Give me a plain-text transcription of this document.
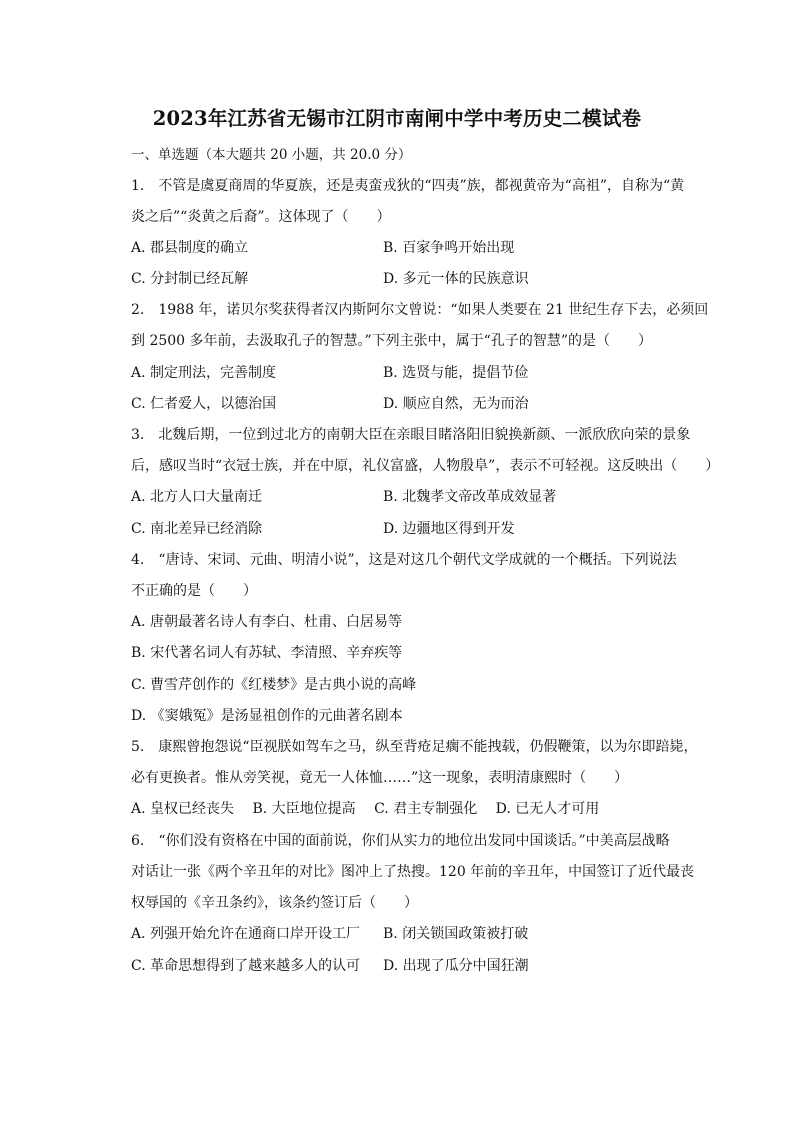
2023年江苏省无锡市江阴市南闸中学中考历史二模试卷
一、单选题（本大题共 20 小题，共 20.0 分）
1.　不管是虞夏商周的华夏族，还是夷蛮戎狄的“四夷”族，都视黄帝为“高祖”，自称为“黄
炎之后”“炎黄之后裔”。这体现了（　　）
A. 郡县制度的确立	B. 百家争鸣开始出现
C. 分封制已经瓦解	D. 多元一体的民族意识
2.　1988 年，诺贝尔奖获得者汉内斯阿尔文曾说：“如果人类要在 21 世纪生存下去，必须回
到 2500 多年前，去汲取孔子的智慧。”下列主张中，属于“孔子的智慧”的是（　　）
A. 制定刑法，完善制度	B. 选贤与能，提倡节俭
C. 仁者爱人，以德治国	D. 顺应自然，无为而治
3.　北魏后期，一位到过北方的南朝大臣在亲眼目睹洛阳旧貌换新颜、一派欣欣向荣的景象
后，感叹当时“衣冠士族，并在中原，礼仪富盛，人物殷阜”，表示不可轻视。这反映出（　　）
A. 北方人口大量南迁	B. 北魏孝文帝改革成效显著
C. 南北差异已经消除	D. 边疆地区得到开发
4.　“唐诗、宋词、元曲、明清小说”，这是对这几个朝代文学成就的一个概括。下列说法
不正确的是（　　）
A. 唐朝最著名诗人有李白、杜甫、白居易等
B. 宋代著名词人有苏轼、李清照、辛弃疾等
C. 曹雪芹创作的《红楼梦》是古典小说的高峰
D. 《窦娥冤》是汤显祖创作的元曲著名剧本
5.　康熙曾抱怨说“臣视朕如驾车之马，纵至背疮足瘸不能拽载，仍假鞭策，以为尔即踣毙，
必有更换者。惟从旁笑视，竟无一人体恤……”这一现象，表明清康熙时（　　）
A. 皇权已经丧失　 B. 大臣地位提高　 C. 君主专制强化　 D. 已无人才可用
6.　“你们没有资格在中国的面前说，你们从实力的地位出发同中国谈话。”中美高层战略
对话让一张《两个辛丑年的对比》图冲上了热搜。120 年前的辛丑年，中国签订了近代最丧
权辱国的《辛丑条约》，该条约签订后（　　）
A. 列强开始允许在通商口岸开设工厂 B. 闭关锁国政策被打破
C. 革命思想得到了越来越多人的认可 D. 出现了瓜分中国狂潮
